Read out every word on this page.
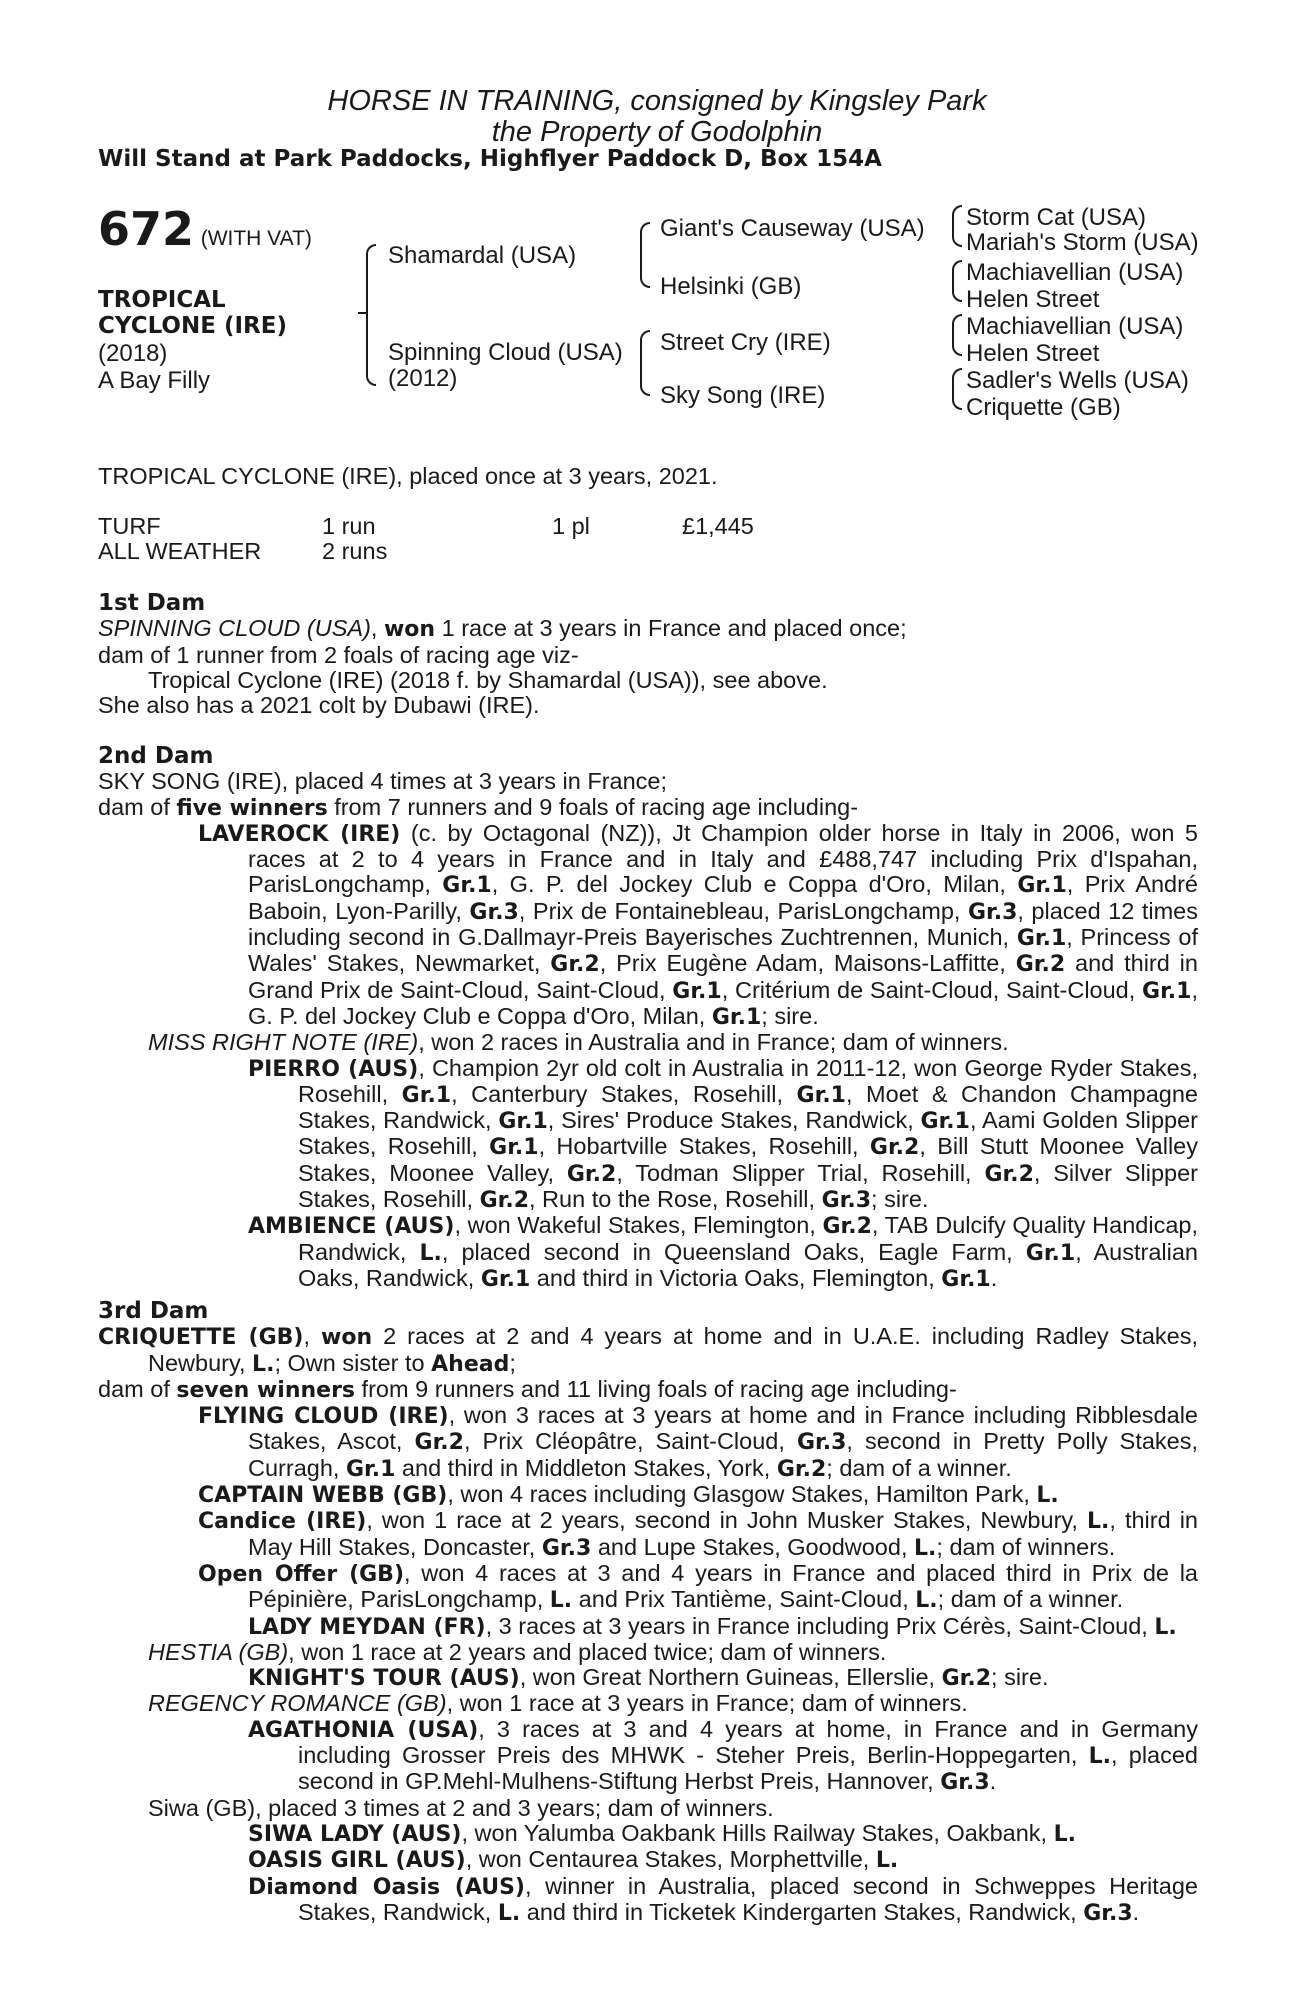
HORSE IN TRAINING, consigned by Kingsley Park
the Property of Godolphin
Will Stand at Park Paddocks, Highflyer Paddock D, Box 154A
672 (WITH VAT)
TROPICAL
CYCLONE (IRE)
(2018)
A Bay Filly
Shamardal (USA)
Spinning Cloud (USA)
(2012)
Giant's Causeway (USA)
Helsinki (GB)
Street Cry (IRE)
Sky Song (IRE)
Storm Cat (USA)
Mariah's Storm (USA)
Machiavellian (USA)
Helen Street
Machiavellian (USA)
Helen Street
Sadler's Wells (USA)
Criquette (GB)
TROPICAL CYCLONE (IRE), placed once at 3 years, 2021.
TURF	1 run	1 pl	£1,445
ALL WEATHER	2 runs		

1st Dam

SPINNING CLOUD (USA), won 1 race at 3 years in France and placed once;

dam of 1 runner from 2 foals of racing age viz-

Tropical Cyclone (IRE) (2018 f. by Shamardal (USA)), see above.

She also has a 2021 colt by Dubawi (IRE).

2nd Dam

SKY SONG (IRE), placed 4 times at 3 years in France;

dam of five winners from 7 runners and 9 foals of racing age including-

LAVEROCK (IRE) (c. by Octagonal (NZ)), Jt Champion older horse in Italy in 2006, won 5 races at 2 to 4 years in France and in Italy and £488,747 including Prix d'Ispahan, ParisLongchamp, Gr.1, G. P. del Jockey Club e Coppa d'Oro, Milan, Gr.1, Prix André Baboin, Lyon-Parilly, Gr.3, Prix de Fontainebleau, ParisLongchamp, Gr.3, placed 12 times including second in G.Dallmayr-Preis Bayerisches Zuchtrennen, Munich, Gr.1, Princess of Wales' Stakes, Newmarket, Gr.2, Prix Eugène Adam, Maisons-Laffitte, Gr.2 and third in Grand Prix de Saint-Cloud, Saint-Cloud, Gr.1, Critérium de Saint-Cloud, Saint-Cloud, Gr.1, G. P. del Jockey Club e Coppa d'Oro, Milan, Gr.1; sire.

MISS RIGHT NOTE (IRE), won 2 races in Australia and in France; dam of winners.

PIERRO (AUS), Champion 2yr old colt in Australia in 2011-12, won George Ryder Stakes, Rosehill, Gr.1, Canterbury Stakes, Rosehill, Gr.1, Moet & Chandon Champagne Stakes, Randwick, Gr.1, Sires' Produce Stakes, Randwick, Gr.1, Aami Golden Slipper Stakes, Rosehill, Gr.1, Hobartville Stakes, Rosehill, Gr.2, Bill Stutt Moonee Valley Stakes, Moonee Valley, Gr.2, Todman Slipper Trial, Rosehill, Gr.2, Silver Slipper Stakes, Rosehill, Gr.2, Run to the Rose, Rosehill, Gr.3; sire.

AMBIENCE (AUS), won Wakeful Stakes, Flemington, Gr.2, TAB Dulcify Quality Handicap, Randwick, L., placed second in Queensland Oaks, Eagle Farm, Gr.1, Australian Oaks, Randwick, Gr.1 and third in Victoria Oaks, Flemington, Gr.1.

3rd Dam

CRIQUETTE (GB), won 2 races at 2 and 4 years at home and in U.A.E. including Radley Stakes, Newbury, L.; Own sister to Ahead;

dam of seven winners from 9 runners and 11 living foals of racing age including-

FLYING CLOUD (IRE), won 3 races at 3 years at home and in France including Ribblesdale Stakes, Ascot, Gr.2, Prix Cléopâtre, Saint-Cloud, Gr.3, second in Pretty Polly Stakes, Curragh, Gr.1 and third in Middleton Stakes, York, Gr.2; dam of a winner.

CAPTAIN WEBB (GB), won 4 races including Glasgow Stakes, Hamilton Park, L.

Candice (IRE), won 1 race at 2 years, second in John Musker Stakes, Newbury, L., third in May Hill Stakes, Doncaster, Gr.3 and Lupe Stakes, Goodwood, L.; dam of winners.

Open Offer (GB), won 4 races at 3 and 4 years in France and placed third in Prix de la Pépinière, ParisLongchamp, L. and Prix Tantième, Saint-Cloud, L.; dam of a winner.

LADY MEYDAN (FR), 3 races at 3 years in France including Prix Cérès, Saint-Cloud, L.

HESTIA (GB), won 1 race at 2 years and placed twice; dam of winners.

KNIGHT'S TOUR (AUS), won Great Northern Guineas, Ellerslie, Gr.2; sire.

REGENCY ROMANCE (GB), won 1 race at 3 years in France; dam of winners.

AGATHONIA (USA), 3 races at 3 and 4 years at home, in France and in Germany including Grosser Preis des MHWK - Steher Preis, Berlin-Hoppegarten, L., placed second in GP.Mehl-Mulhens-Stiftung Herbst Preis, Hannover, Gr.3.

Siwa (GB), placed 3 times at 2 and 3 years; dam of winners.

SIWA LADY (AUS), won Yalumba Oakbank Hills Railway Stakes, Oakbank, L.

OASIS GIRL (AUS), won Centaurea Stakes, Morphettville, L.

Diamond Oasis (AUS), winner in Australia, placed second in Schweppes Heritage Stakes, Randwick, L. and third in Ticketek Kindergarten Stakes, Randwick, Gr.3.
